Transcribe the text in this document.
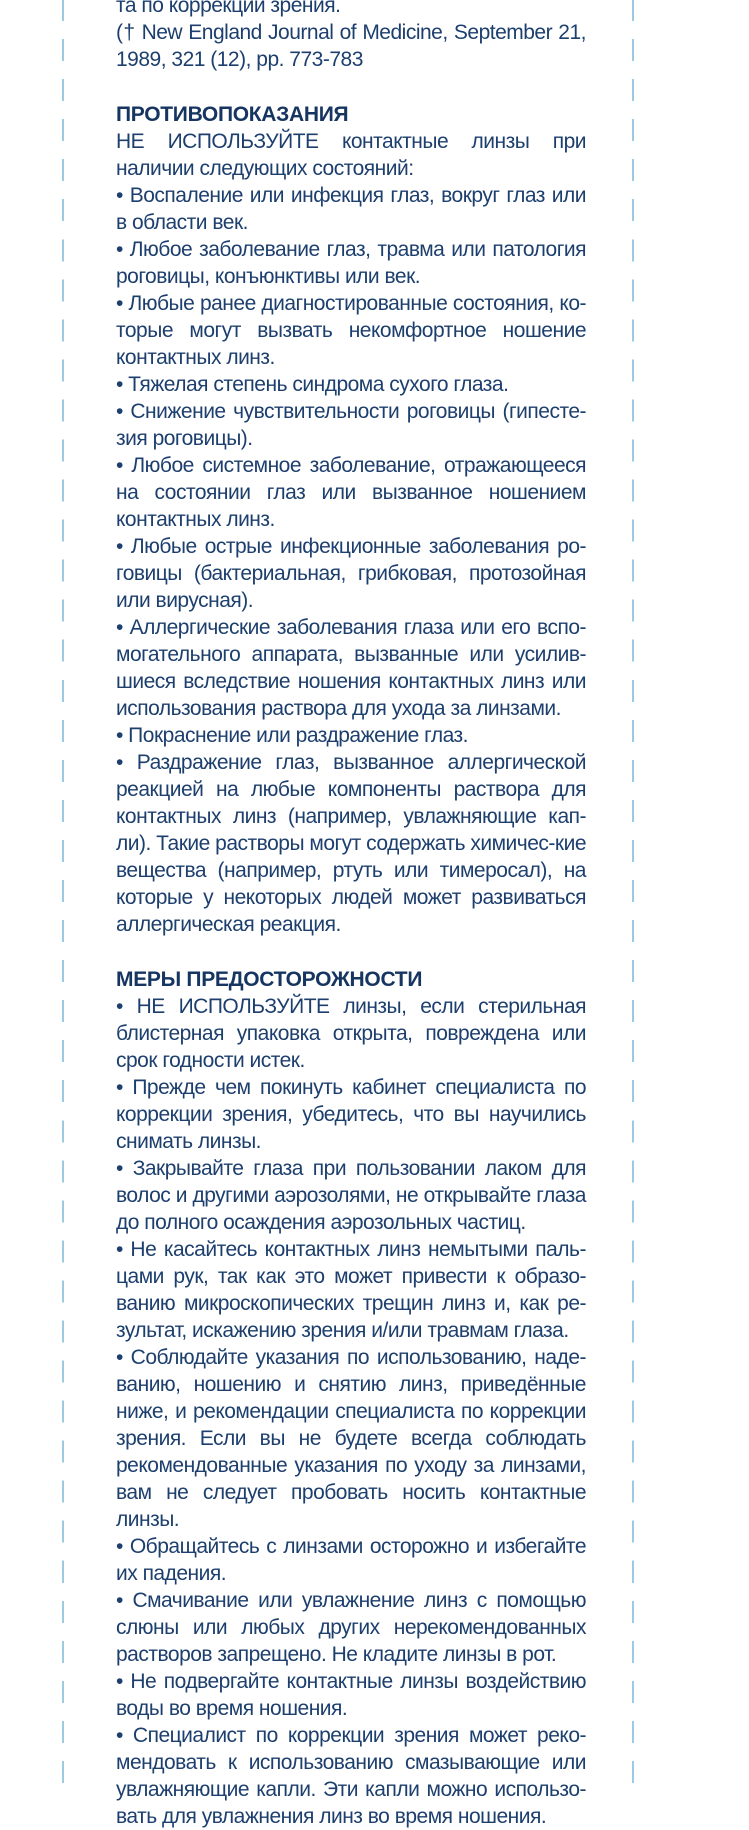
та по коррекции зрения.

(† New England Journal of Medicine, September 21, 1989, 321 (12), pp. 773-783

ПРОТИВОПОКАЗАНИЯ

НЕ ИСПОЛЬЗУЙТЕ контактные линзы при наличии следующих состояний:

• Воспаление или инфекция глаз, вокруг глаз или в области век.

• Любое заболевание глаз, травма или патология роговицы, конъюнктивы или век.

• Любые ранее диагностированные состояния, ко-торые могут вызвать некомфортное ношение контактных линз.

• Тяжелая степень синдрома сухого глаза.

• Снижение чувствительности роговицы (гипесте-зия роговицы).

• Любое системное заболевание, отражающееся на состоянии глаз или вызванное ношением контактных линз.

• Любые острые инфекционные заболевания ро-говицы (бактериальная, грибковая, протозойная или вирусная).

• Аллергические заболевания глаза или его вспо-могательного аппарата, вызванные или усилив-шиеся вследствие ношения контактных линз или использования раствора для ухода за линзами.

• Покраснение или раздражение глаз.

• Раздражение глаз, вызванное аллергической реакцией на любые компоненты раствора для контактных линз (например, увлажняющие кап-ли). Такие растворы могут содержать химичес-кие вещества (например, ртуть или тимеросал), на которые у некоторых людей может развиваться аллергическая реакция.

МЕРЫ ПРЕДОСТОРОЖНОСТИ

• НЕ ИСПОЛЬЗУЙТЕ линзы, если стерильная блистерная упаковка открыта, повреждена или срок годности истек.

• Прежде чем покинуть кабинет специалиста по коррекции зрения, убедитесь, что вы научились снимать линзы.

• Закрывайте глаза при пользовании лаком для волос и другими аэрозолями, не открывайте глаза до полного осаждения аэрозольных частиц.

• Не касайтесь контактных линз немытыми паль-цами рук, так как это может привести к образо-ванию микроскопических трещин линз и, как ре-зультат, искажению зрения и/или травмам глаза.

• Соблюдайте указания по использованию, наде-ванию, ношению и снятию линз, приведённые ниже, и рекомендации специалиста по коррекции зрения. Если вы не будете всегда соблюдать рекомендованные указания по уходу за линзами, вам не следует пробовать носить контактные линзы.

• Обращайтесь с линзами осторожно и избегайте их падения.

• Смачивание или увлажнение линз с помощью слюны или любых других нерекомендованных растворов запрещено. Не кладите линзы в рот.

• Не подвергайте контактные линзы воздействию воды во время ношения.

• Специалист по коррекции зрения может реко-мендовать к использованию смазывающие или увлажняющие капли. Эти капли можно использо-вать для увлажнения линз во время ношения.
